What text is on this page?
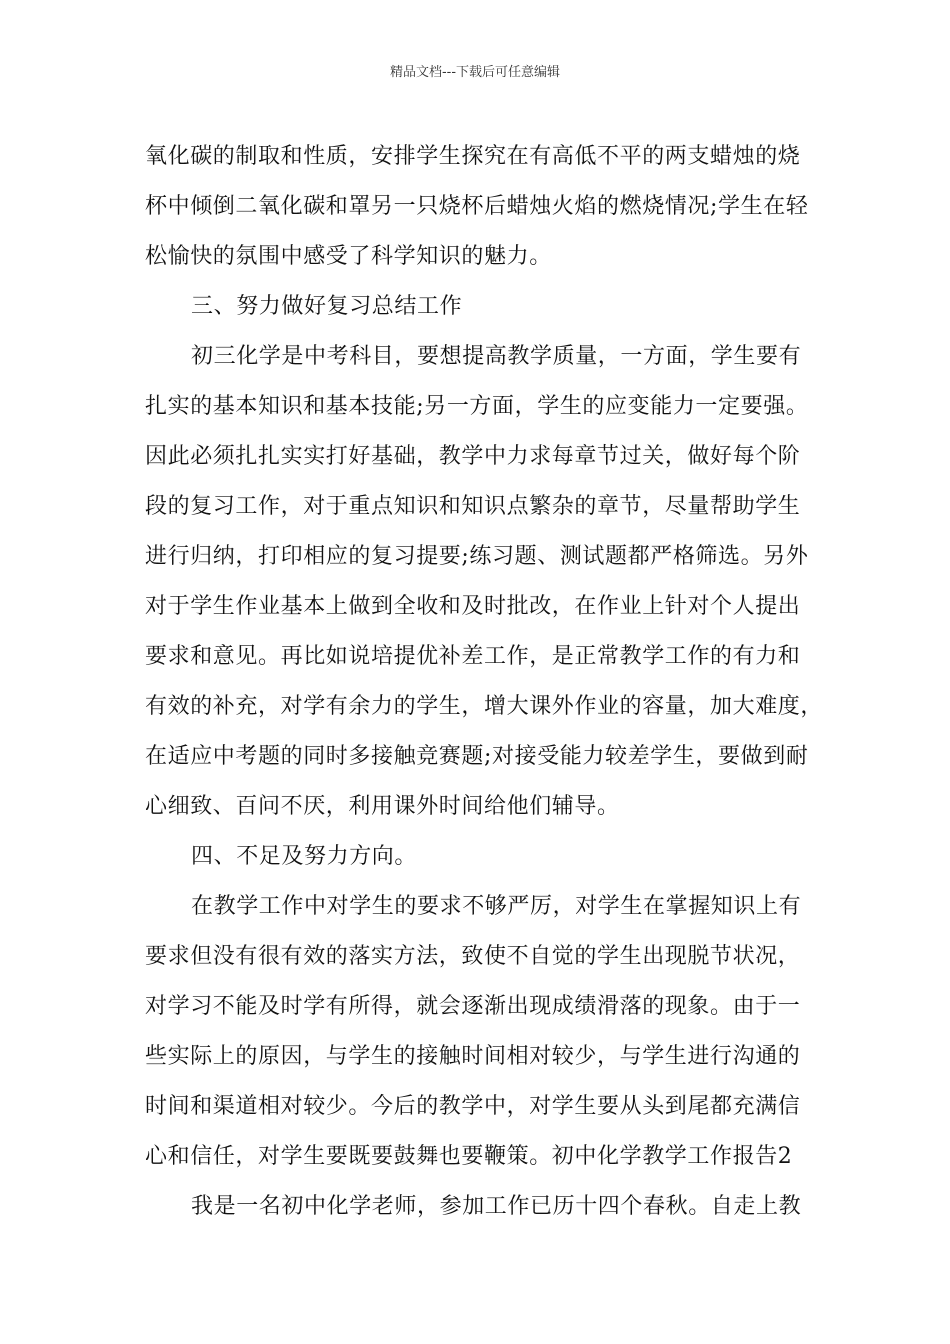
精品文档---下载后可任意编辑
氧化碳的制取和性质，安排学生探究在有高低不平的两支蜡烛的烧
杯中倾倒二氧化碳和罩另一只烧杯后蜡烛火焰的燃烧情况;学生在轻
松愉快的氛围中感受了科学知识的魅力。
三、努力做好复习总结工作
初三化学是中考科目，要想提高教学质量，一方面，学生要有
扎实的基本知识和基本技能;另一方面，学生的应变能力一定要强。
因此必须扎扎实实打好基础，教学中力求每章节过关，做好每个阶
段的复习工作，对于重点知识和知识点繁杂的章节，尽量帮助学生
进行归纳，打印相应的复习提要;练习题、测试题都严格筛选。另外
对于学生作业基本上做到全收和及时批改，在作业上针对个人提出
要求和意见。再比如说培提优补差工作，是正常教学工作的有力和
有效的补充，对学有余力的学生，增大课外作业的容量，加大难度，
在适应中考题的同时多接触竞赛题;对接受能力较差学生，要做到耐
心细致、百问不厌，利用课外时间给他们辅导。
四、不足及努力方向。
在教学工作中对学生的要求不够严厉，对学生在掌握知识上有
要求但没有很有效的落实方法，致使不自觉的学生出现脱节状况，
对学习不能及时学有所得，就会逐渐出现成绩滑落的现象。由于一
些实际上的原因，与学生的接触时间相对较少，与学生进行沟通的
时间和渠道相对较少。今后的教学中，对学生要从头到尾都充满信
心和信任，对学生要既要鼓舞也要鞭策。初中化学教学工作报告2
我是一名初中化学老师，参加工作已历十四个春秋。自走上教
